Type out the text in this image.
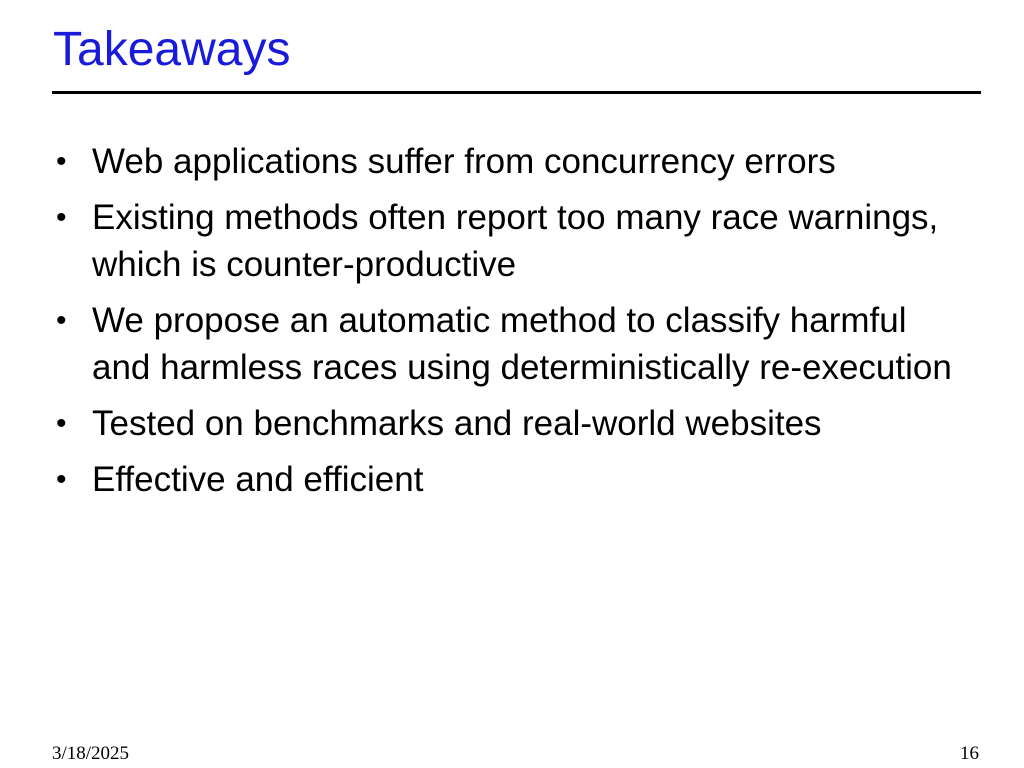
Takeaways
• Web applications suffer from concurrency errors
• Existing methods often report too many race warnings, which is counter-productive
• We propose an automatic method to classify harmful and harmless races using deterministically re-execution
• Tested on benchmarks and real-world websites
• Effective and efficient
3/18/2025	16
